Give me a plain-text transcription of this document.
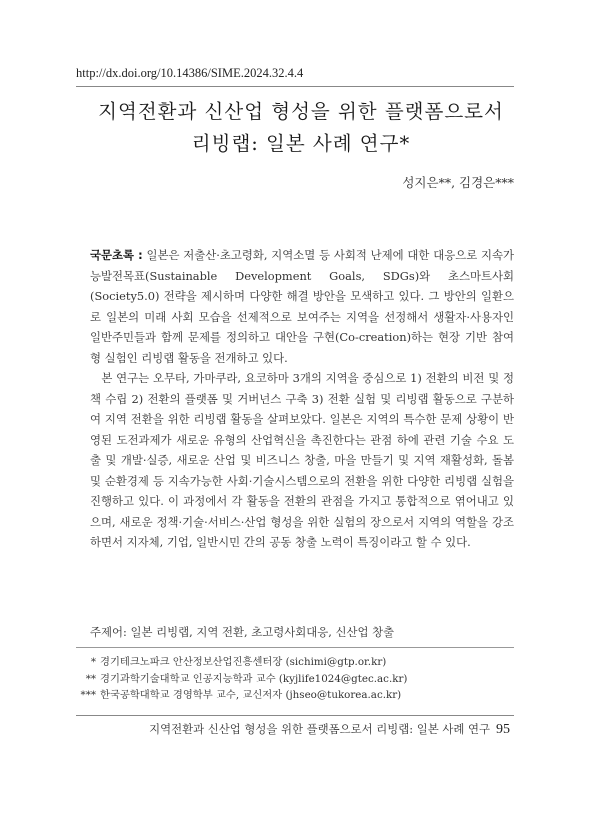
http://dx.doi.org/10.14386/SIME.2024.32.4.4
지역전환과 신산업 형성을 위한 플랫폼으로서
리빙랩: 일본 사례 연구*
성지은**, 김경은***

국문초록 : 일본은 저출산·초고령화, 지역소멸 등 사회적 난제에 대한 대응으로 지속가능발전목표(Sustainable Development Goals, SDGs)와 초스마트사회(Society5.0) 전략을 제시하며 다양한 해결 방안을 모색하고 있다. 그 방안의 일환으로 일본의 미래 사회 모습을 선제적으로 보여주는 지역을 선정해서 생활자·사용자인 일반주민들과 함께 문제를 정의하고 대안을 구현(Co-creation)하는 현장 기반 참여형 실험인 리빙랩 활동을 전개하고 있다.

본 연구는 오무타, 가마쿠라, 요코하마 3개의 지역을 중심으로 1) 전환의 비전 및 정책 수립 2) 전환의 플랫폼 및 거버넌스 구축 3) 전환 실험 및 리빙랩 활동으로 구분하여 지역 전환을 위한 리빙랩 활동을 살펴보았다. 일본은 지역의 특수한 문제 상황이 반영된 도전과제가 새로운 유형의 산업혁신을 촉진한다는 관점 하에 관련 기술 수요 도출 및 개발·실증, 새로운 산업 및 비즈니스 창출, 마을 만들기 및 지역 재활성화, 돌봄 및 순환경제 등 지속가능한 사회·기술시스템으로의 전환을 위한 다양한 리빙랩 실험을 진행하고 있다. 이 과정에서 각 활동을 전환의 관점을 가지고 통합적으로 엮어내고 있으며, 새로운 정책·기술·서비스·산업 형성을 위한 실험의 장으로서 지역의 역할을 강조하면서 지자체, 기업, 일반시민 간의 공동 창출 노력이 특징이라고 할 수 있다.

주제어: 일본 리빙랩, 지역 전환, 초고령사회대응, 신산업 창출
* 경기테크노파크 안산정보산업진흥센터장 (sichimi@gtp.or.kr)
** 경기과학기술대학교 인공지능학과 교수 (kyjlife1024@gtec.ac.kr)
*** 한국공학대학교 경영학부 교수, 교신저자 (jhseo@tukorea.ac.kr)
지역전환과 신산업 형성을 위한 플랫폼으로서 리빙랩: 일본 사례 연구 95
